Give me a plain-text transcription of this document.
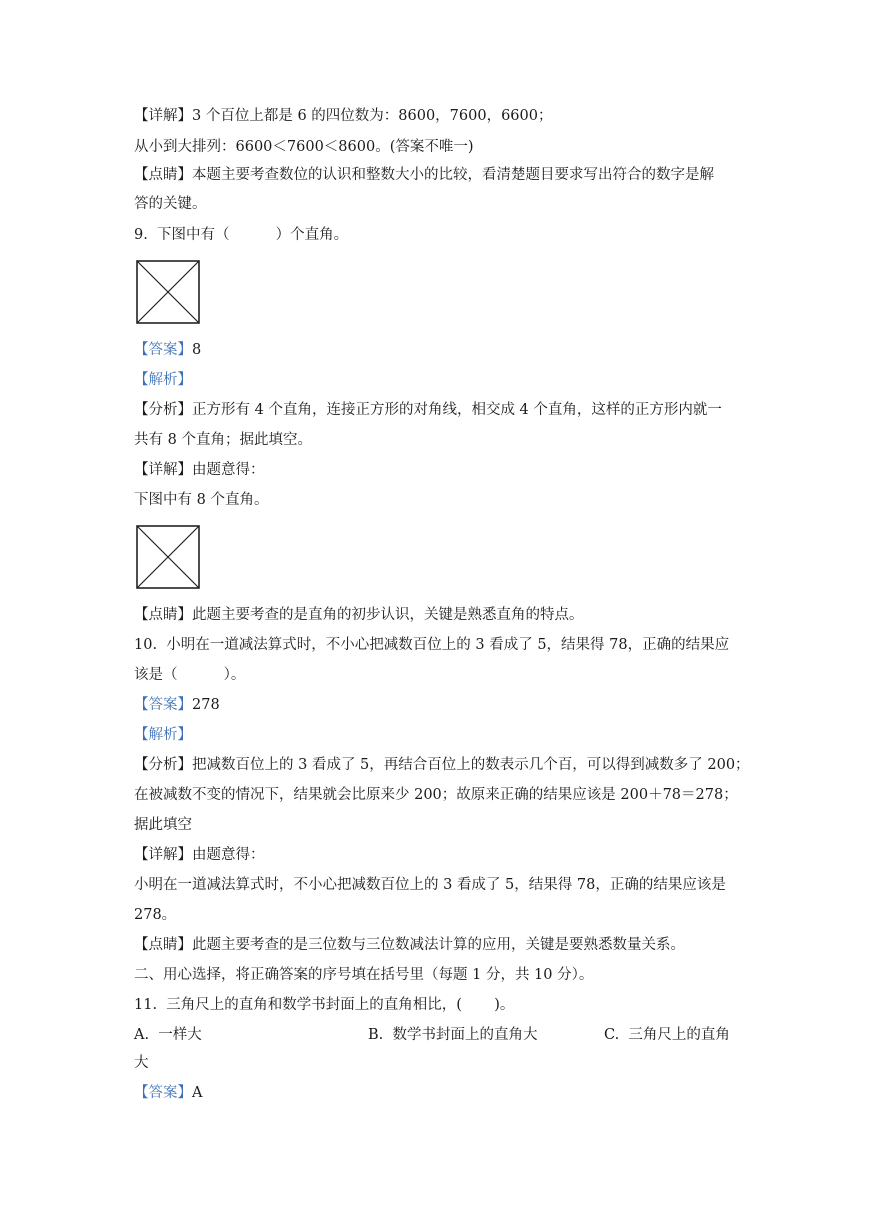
【详解】3 个百位上都是 6 的四位数为：8600，7600，6600；
从小到大排列：6600＜7600＜8600。(答案不唯一)
【点睛】本题主要考查数位的认识和整数大小的比较，看清楚题目要求写出符合的数字是解
答的关键。
9.  下图中有（          ）个直角。
【答案】8
【解析】
【分析】正方形有 4 个直角，连接正方形的对角线，相交成 4 个直角，这样的正方形内就一
共有 8 个直角；据此填空。
【详解】由题意得：
下图中有 8 个直角。
【点睛】此题主要考查的是直角的初步认识，关键是熟悉直角的特点。
10.  小明在一道减法算式时，不小心把减数百位上的 3 看成了 5，结果得 78，正确的结果应
该是（          ）。
【答案】278
【解析】
【分析】把减数百位上的 3 看成了 5，再结合百位上的数表示几个百，可以得到减数多了 200；
在被减数不变的情况下，结果就会比原来少 200；故原来正确的结果应该是 200＋78＝278；
据此填空
【详解】由题意得：
小明在一道减法算式时，不小心把减数百位上的 3 看成了 5，结果得 78，正确的结果应该是
278。
【点睛】此题主要考查的是三位数与三位数减法计算的应用，关键是要熟悉数量关系。
二、用心选择，将正确答案的序号填在括号里（每题 1 分，共 10 分）。
11.  三角尺上的直角和数学书封面上的直角相比，(       )。
A.  一样大	B.  数学书封面上的直角大	C.  三角尺上的直角
大
【答案】A
